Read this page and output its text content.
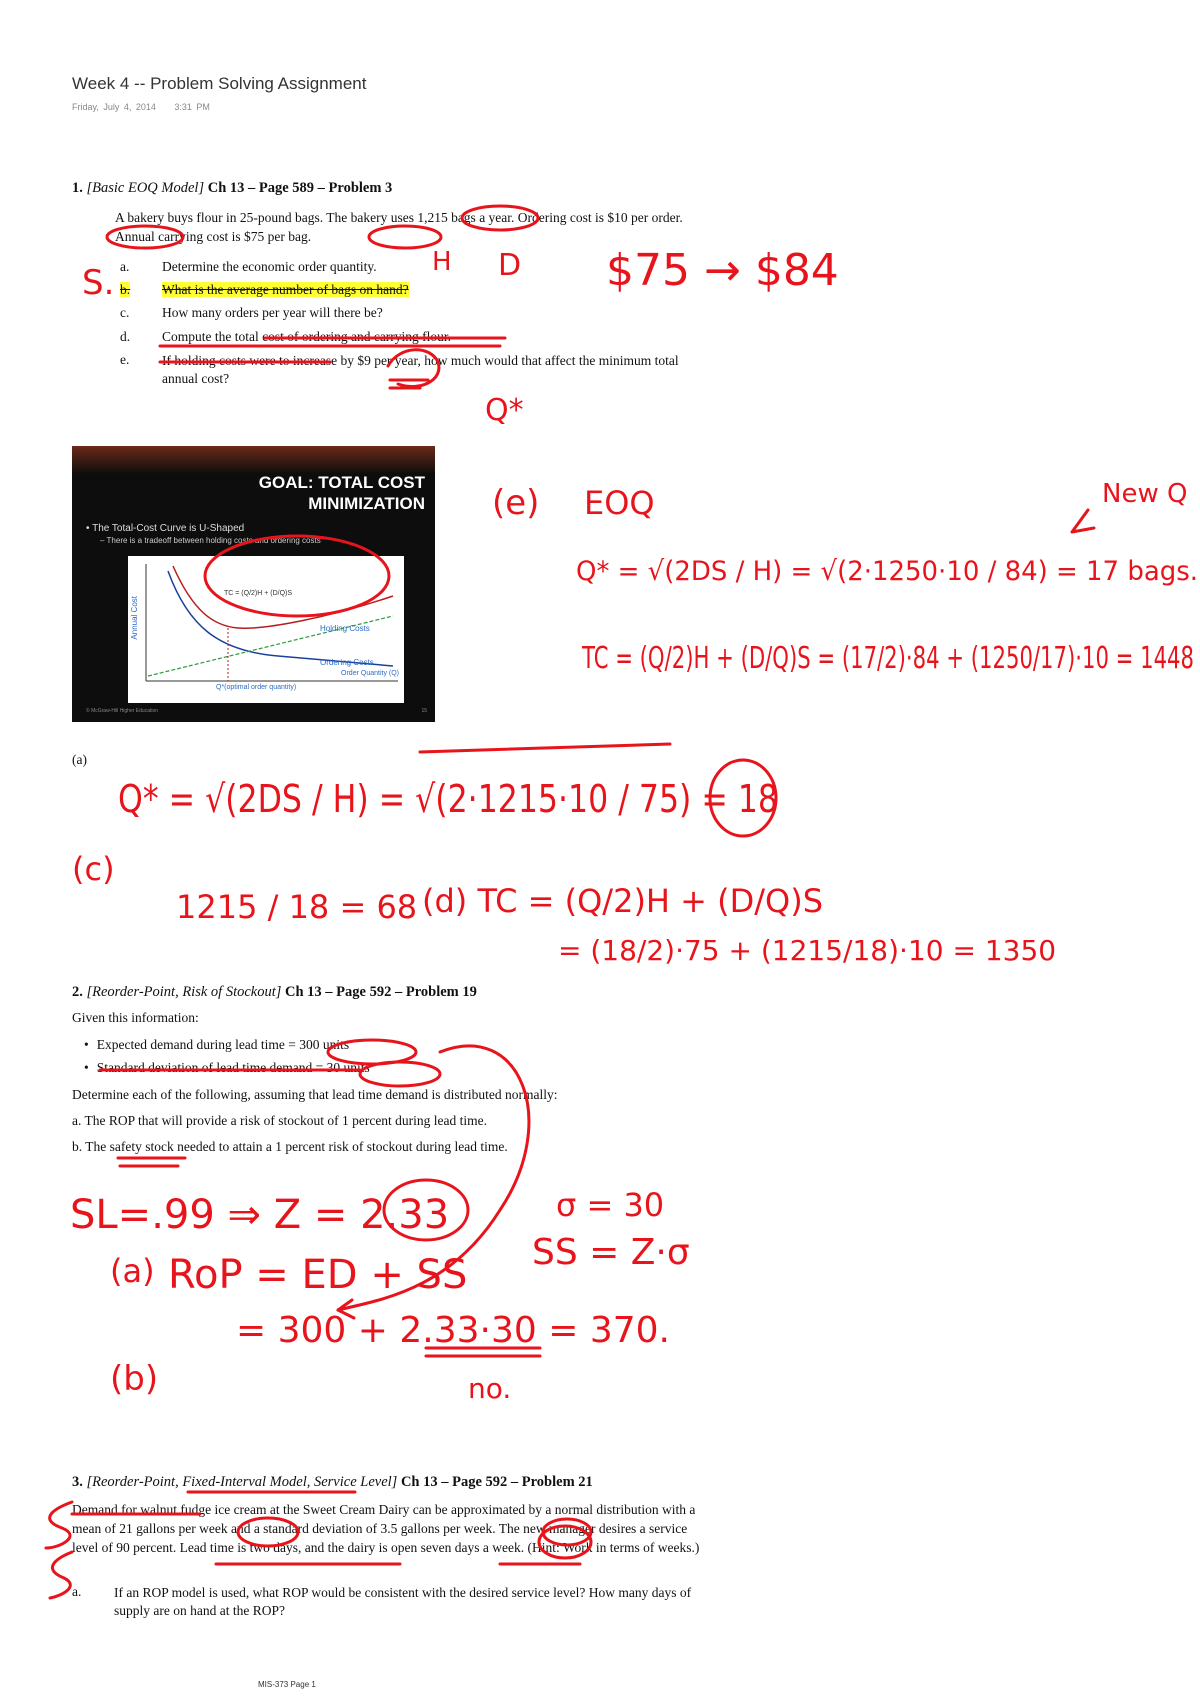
Week 4 -- Problem Solving Assignment
Friday, July 4, 2014 3:31 PM
1. [Basic EOQ Model] Ch 13 – Page 589 – Problem 3
A bakery buys flour in 25-pound bags. The bakery uses 1,215 bags a year. Ordering cost is $10 per order. Annual carrying cost is $75 per bag.
a. Determine the economic order quantity.
b. What is the average number of bags on hand?
c. How many orders per year will there be?
d. Compute the total cost of ordering and carrying flour.
e. If holding costs were to increase by $9 per year, how much would that affect the minimum total annual cost?
GOAL: TOTAL COST
MINIMIZATION
• The Total-Cost Curve is U-Shaped
– There is a tradeoff between holding costs and ordering costs
Annual Cost	Holding Costs
Ordering Costs
Order Quantity (Q)
Q*(optimal order quantity)
TC = (Q/2)H + (D/Q)S
© McGraw-Hill Higher Education	15
(a)
2. [Reorder-Point, Risk of Stockout] Ch 13 – Page 592 – Problem 19
Given this information:
• Expected demand during lead time = 300 units
• Standard deviation of lead time demand = 30 units
Determine each of the following, assuming that lead time demand is distributed normally:
a. The ROP that will provide a risk of stockout of 1 percent during lead time.
b. The safety stock needed to attain a 1 percent risk of stockout during lead time.
3. [Reorder-Point, Fixed-Interval Model, Service Level] Ch 13 – Page 592 – Problem 21
Demand for walnut fudge ice cream at the Sweet Cream Dairy can be approximated by a normal distribution with a mean of 21 gallons per week and a standard deviation of 3.5 gallons per week. The new manager desires a service level of 90 percent. Lead time is two days, and the dairy is open seven days a week. (Hint: Work in terms of weeks.)
a. If an ROP model is used, what ROP would be consistent with the desired service level? How many days of supply are on hand at the ROP?
MIS-373 Page 1
S.
H D $75 → $84
Q*
(e) EOQ	New Q
Q* = √(2DS / H) = √(2·1250·10 / 84) = 17 bags.
TC = (Q/2)H + (D/Q)S = (17/2)·84 + (1250/17)·10 = 1448
Q* = √(2DS / H) = √(2·1215·10 / 75) = 18
(c)
1215 / 18 = 68 (d) TC = (Q/2)H + (D/Q)S
= (18/2)·75 + (1215/18)·10 = 1350
SL=.99 ⇒ Z = 2.33	σ = 30
SS = Z·σ
(a) RoP = ED + SS
= 300 + 2.33·30 = 370.
no.
(b)
